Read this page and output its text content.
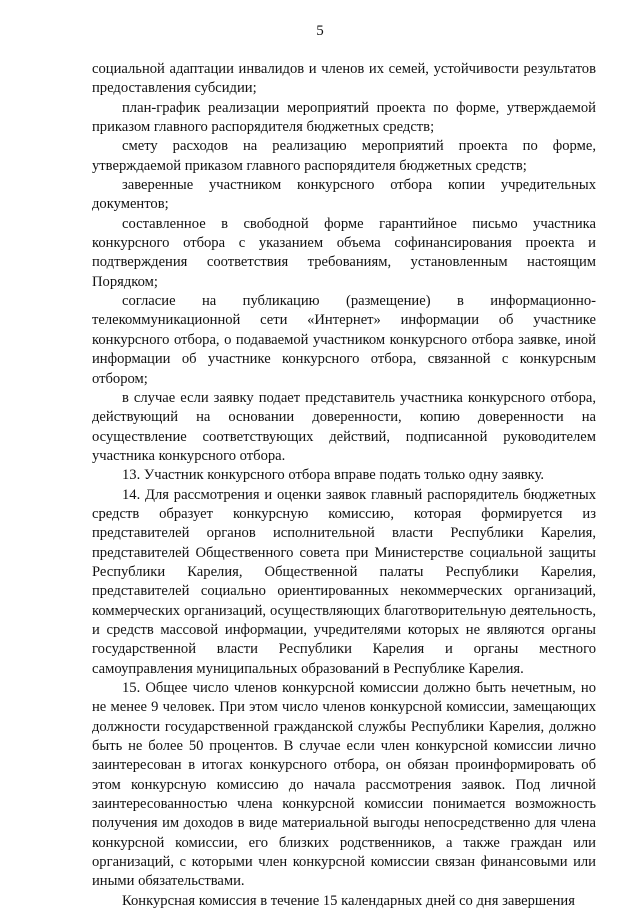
5

социальной адаптации инвалидов и членов их семей, устойчивости результатов предоставления субсидии;

план-график реализации мероприятий проекта по форме, утверждаемой приказом главного распорядителя бюджетных средств;

смету расходов на реализацию мероприятий проекта по форме, утверждаемой приказом главного распорядителя бюджетных средств;

заверенные участником конкурсного отбора копии учредительных документов;

составленное в свободной форме гарантийное письмо участника конкурсного отбора с указанием объема софинансирования проекта и подтверждения соответствия требованиям, установленным настоящим Порядком;

согласие на публикацию (размещение) в информационно-телекоммуникационной сети «Интернет» информации об участнике конкурсного отбора, о подаваемой участником конкурсного отбора заявке, иной информации об участнике конкурсного отбора, связанной с конкурсным отбором;

в случае если заявку подает представитель участника конкурсного отбора, действующий на основании доверенности, копию доверенности на осуществление соответствующих действий, подписанной руководителем участника конкурсного отбора.

13. Участник конкурсного отбора вправе подать только одну заявку.

14. Для рассмотрения и оценки заявок главный распорядитель бюджетных средств образует конкурсную комиссию, которая формируется из представителей органов исполнительной власти Республики Карелия, представителей Общественного совета при Министерстве социальной защиты Республики Карелия, Общественной палаты Республики Карелия, представителей социально ориентированных некоммерческих организаций, коммерческих организаций, осуществляющих благотворительную деятельность, и средств массовой информации, учредителями которых не являются органы государственной власти Республики Карелия и органы местного самоуправления муниципальных образований в Республике Карелия.

15. Общее число членов конкурсной комиссии должно быть нечетным, но не менее 9 человек. При этом число членов конкурсной комиссии, замещающих должности государственной гражданской службы Республики Карелия, должно быть не более 50 процентов. В случае если член конкурсной комиссии лично заинтересован в итогах конкурсного отбора, он обязан проинформировать об этом конкурсную комиссию до начала рассмотрения заявок. Под личной заинтересованностью члена конкурсной комиссии понимается возможность получения им доходов в виде материальной выгоды непосредственно для члена конкурсной комиссии, его близких родственников, а также граждан или организаций, с которыми член конкурсной комиссии связан финансовыми или иными обязательствами.

Конкурсная комиссия в течение 15 календарных дней со дня завершения
